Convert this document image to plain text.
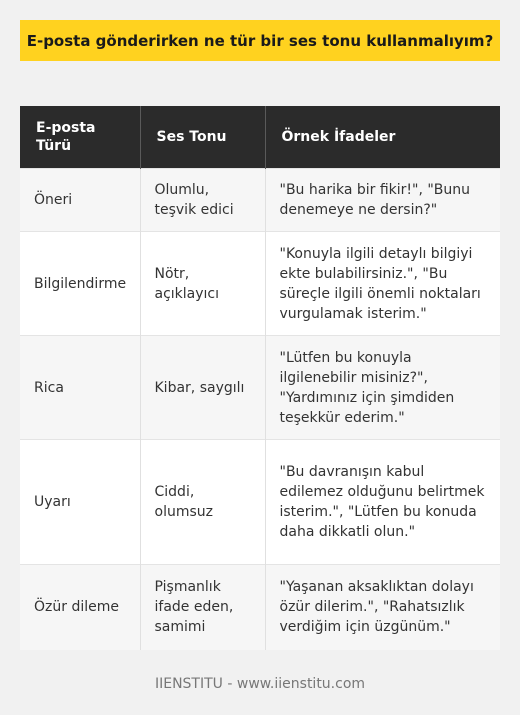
E-posta gönderirken ne tür bir ses tonu kullanmalıyım?
E-posta Türü	Ses Tonu	Örnek İfadeler
Öneri	Olumlu, teşvik edici	"Bu harika bir fikir!", "Bunu denemeye ne dersin?"
Bilgilendirme	Nötr, açıklayıcı	"Konuyla ilgili detaylı bilgiyi ekte bulabilirsiniz.", "Bu süreçle ilgili önemli noktaları vurgulamak isterim."
Rica	Kibar, saygılı	"Lütfen bu konuyla ilgilenebilir misiniz?", "Yardımınız için şimdiden teşekkür ederim."
Uyarı	Ciddi, olumsuz	"Bu davranışın kabul edilemez olduğunu belirtmek isterim.", "Lütfen bu konuda daha dikkatli olun."
Özür dileme	Pişmanlık ifade eden, samimi	"Yaşanan aksaklıktan dolayı özür dilerim.", "Rahatsızlık verdiğim için üzgünüm."
IIENSTITU - www.iienstitu.com
